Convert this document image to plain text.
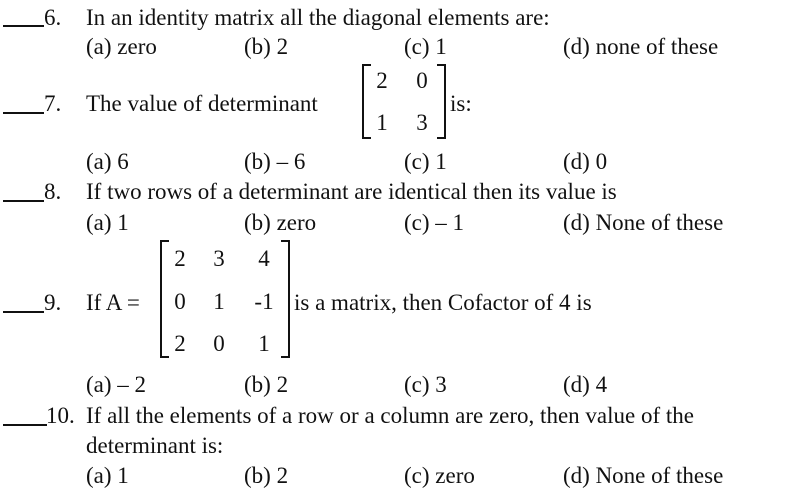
6. In an identity matrix all the diagonal elements are:
(a) zero	(b) 2	(c) 1	(d) none of these
7. The value of determinant
2	0
1	3
is:
(a) 6	(b) – 6	(c) 1	(d) 0
8. If two rows of a determinant are identical then its value is
(a) 1	(b) zero	(c) – 1	(d) None of these
9. If A =
2	3	4
0	1	-1
2	0	1
is a matrix, then Cofactor of 4 is
(a) – 2	(b) 2	(c) 3	(d) 4
10. If all the elements of a row or a column are zero, then value of the
determinant is:
(a) 1	(b) 2	(c) zero	(d) None of these
